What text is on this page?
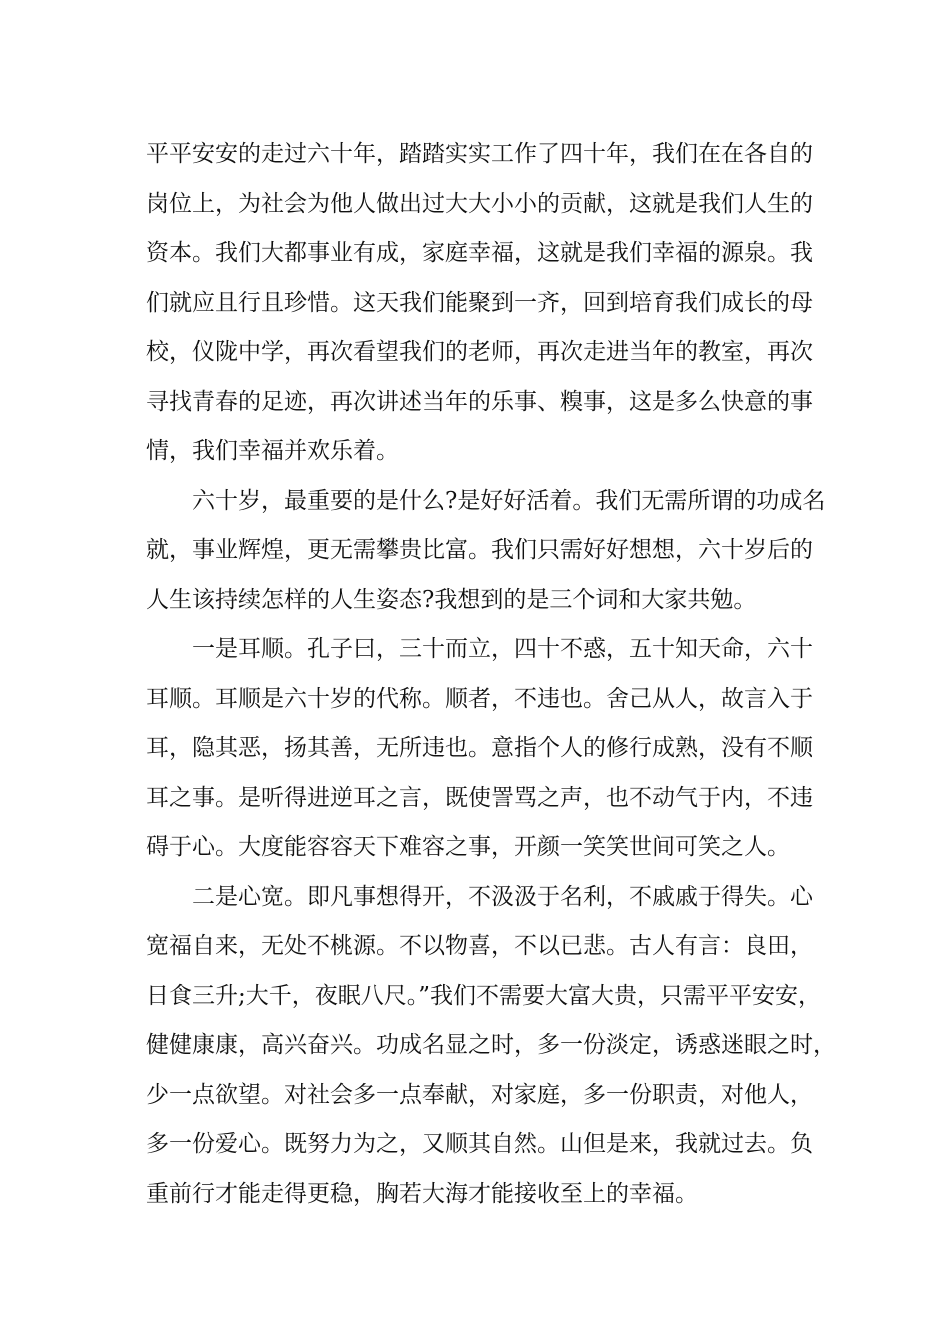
平平安安的走过六十年，踏踏实实工作了四十年，我们在在各自的

岗位上，为社会为他人做出过大大小小的贡献，这就是我们人生的

资本。我们大都事业有成，家庭幸福，这就是我们幸福的源泉。我

们就应且行且珍惜。这天我们能聚到一齐，回到培育我们成长的母

校，仪陇中学，再次看望我们的老师，再次走进当年的教室，再次

寻找青春的足迹，再次讲述当年的乐事、糗事，这是多么快意的事

情，我们幸福并欢乐着。

六十岁，最重要的是什么?是好好活着。我们无需所谓的功成名

就，事业辉煌，更无需攀贵比富。我们只需好好想想，六十岁后的

人生该持续怎样的人生姿态?我想到的是三个词和大家共勉。

一是耳顺。孔子曰，三十而立，四十不惑，五十知天命，六十

耳顺。耳顺是六十岁的代称。顺者，不违也。舍己从人，故言入于

耳，隐其恶，扬其善，无所违也。意指个人的修行成熟，没有不顺

耳之事。是听得进逆耳之言，既使詈骂之声，也不动气于内，不违

碍于心。大度能容容天下难容之事，开颜一笑笑世间可笑之人。

二是心宽。即凡事想得开，不汲汲于名利，不戚戚于得失。心

宽福自来，无处不桃源。不以物喜，不以已悲。古人有言：良田，

日食三升;大千，夜眠八尺。”我们不需要大富大贵，只需平平安安，

健健康康，高兴奋兴。功成名显之时，多一份淡定，诱惑迷眼之时，

少一点欲望。对社会多一点奉献，对家庭，多一份职责，对他人，

多一份爱心。既努力为之，又顺其自然。山但是来，我就过去。负

重前行才能走得更稳，胸若大海才能接收至上的幸福。
